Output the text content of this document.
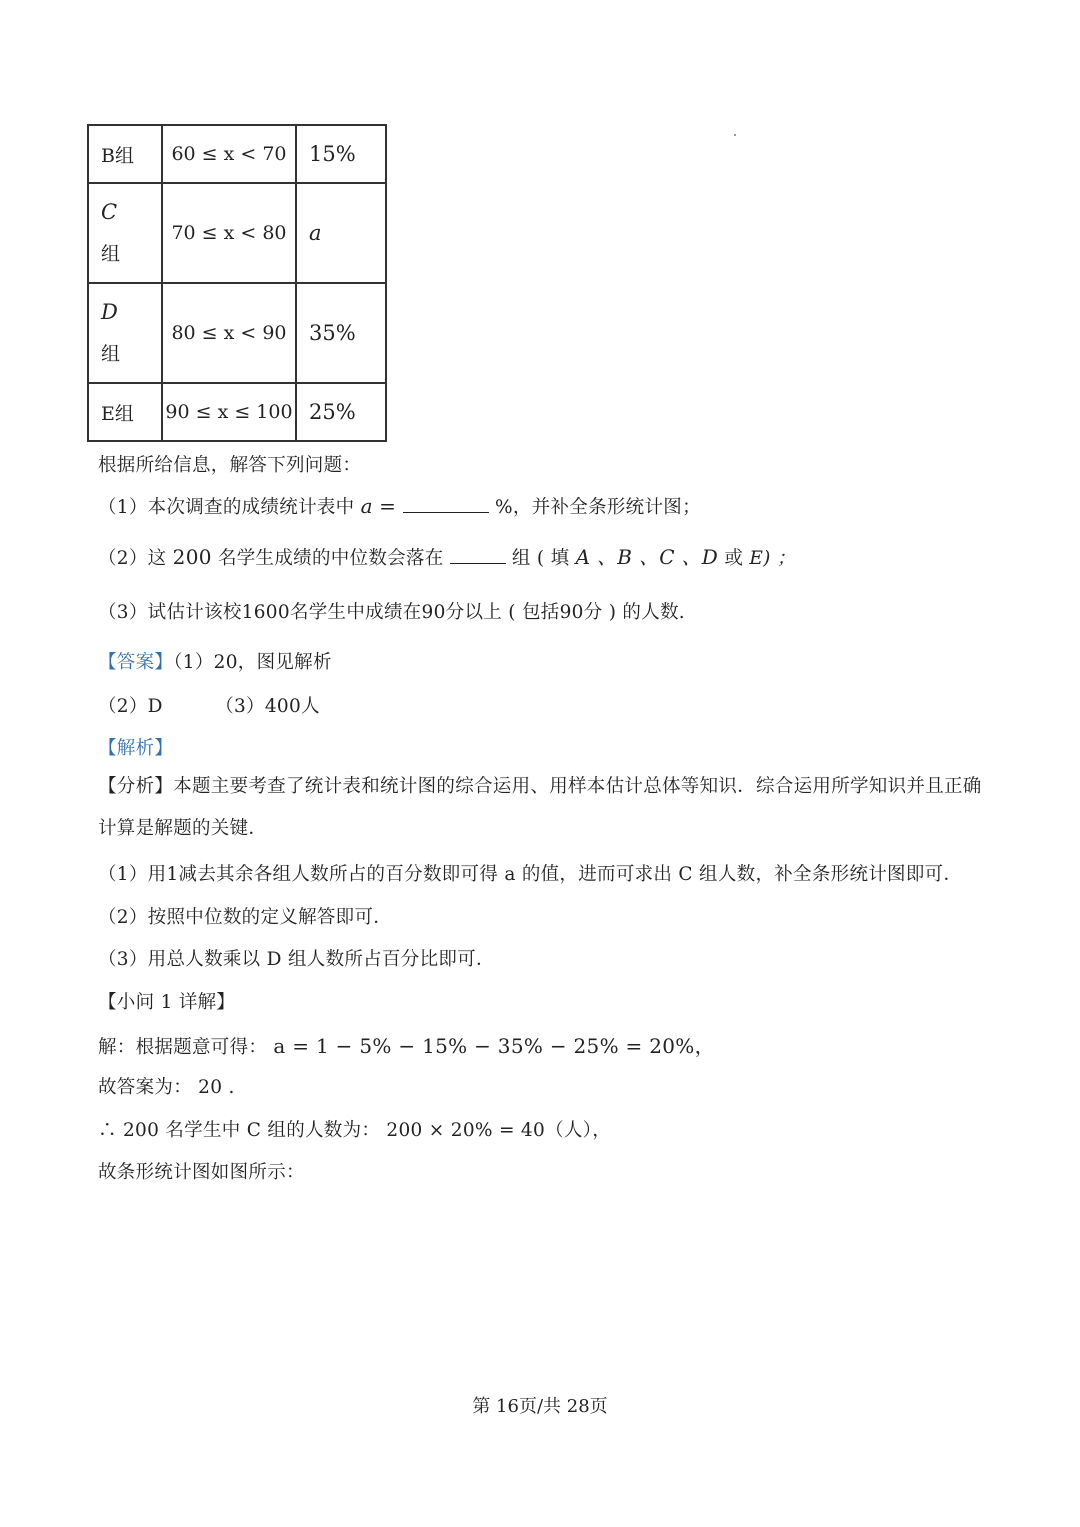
B组	60 ≤ x < 70	15%

C
组	70 ≤ x < 80	a

D
组	80 ≤ x < 90	35%
E组	90 ≤ x ≤ 100	25%
根据所给信息，解答下列问题：
（1）本次调查的成绩统计表中 a =	%，并补全条形统计图；
（2）这 200 名学生成绩的中位数会落在	组 ( 填 A 、B 、C 、D 或 E) ；
（3）试估计该校1600名学生中成绩在90分以上 ( 包括90分 ) 的人数.
【答案】（1）20，图见解析
（2）D	（3）400人
【解析】
【分析】本题主要考查了统计表和统计图的综合运用、用样本估计总体等知识．综合运用所学知识并且正确计算是解题的关键．
（1）用1减去其余各组人数所占的百分数即可得 a 的值，进而可求出 C 组人数，补全条形统计图即可．
（2）按照中位数的定义解答即可．
（3）用总人数乘以 D 组人数所占百分比即可．
【小问 1 详解】
解：根据题意可得： a = 1 − 5% − 15% − 35% − 25% = 20%，
故答案为： 20 .
∴ 200 名学生中 C 组的人数为： 200 × 20% = 40（人），
故条形统计图如图所示：
第 16页/共 28页
